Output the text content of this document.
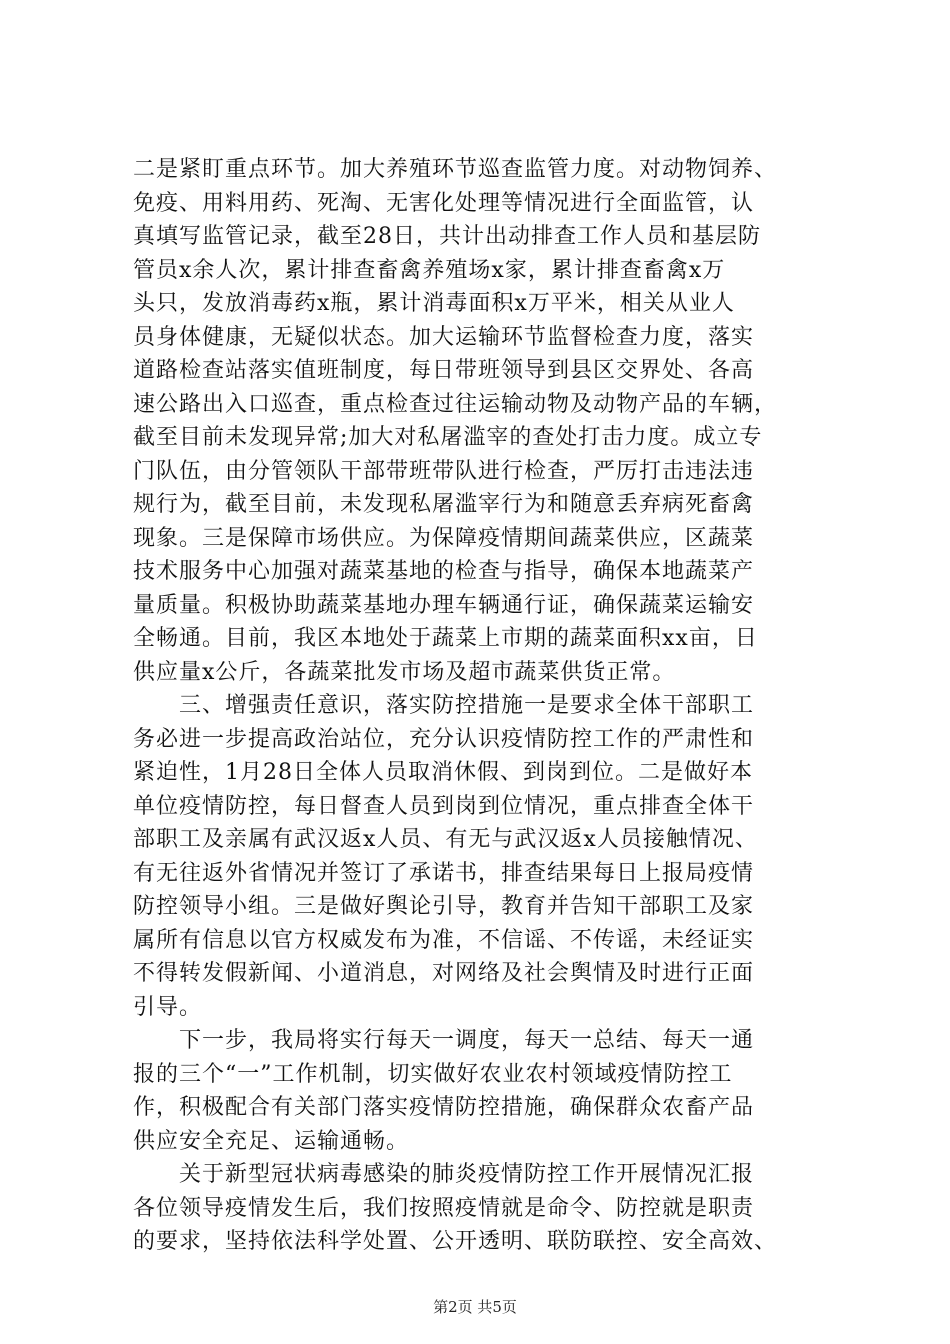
二是紧盯重点环节。加大养殖环节巡查监管力度。对动物饲养、
免疫、用料用药、死淘、无害化处理等情况进行全面监管，认
真填写监管记录，截至28日，共计出动排查工作人员和基层防
管员x余人次，累计排查畜禽养殖场x家，累计排查畜禽x万
头只，发放消毒药x瓶，累计消毒面积x万平米，相关从业人
员身体健康，无疑似状态。加大运输环节监督检查力度，落实
道路检查站落实值班制度，每日带班领导到县区交界处、各高
速公路出入口巡查，重点检查过往运输动物及动物产品的车辆，
截至目前未发现异常;加大对私屠滥宰的查处打击力度。成立专
门队伍，由分管领队干部带班带队进行检查，严厉打击违法违
规行为，截至目前，未发现私屠滥宰行为和随意丢弃病死畜禽
现象。三是保障市场供应。为保障疫情期间蔬菜供应，区蔬菜
技术服务中心加强对蔬菜基地的检查与指导，确保本地蔬菜产
量质量。积极协助蔬菜基地办理车辆通行证，确保蔬菜运输安
全畅通。目前，我区本地处于蔬菜上市期的蔬菜面积xx亩，日
供应量x公斤，各蔬菜批发市场及超市蔬菜供货正常。
三、增强责任意识，落实防控措施一是要求全体干部职工
务必进一步提高政治站位，充分认识疫情防控工作的严肃性和
紧迫性，1月28日全体人员取消休假、到岗到位。二是做好本
单位疫情防控，每日督查人员到岗到位情况，重点排查全体干
部职工及亲属有武汉返x人员、有无与武汉返x人员接触情况、
有无往返外省情况并签订了承诺书，排查结果每日上报局疫情
防控领导小组。三是做好舆论引导，教育并告知干部职工及家
属所有信息以官方权威发布为准，不信谣、不传谣，未经证实
不得转发假新闻、小道消息，对网络及社会舆情及时进行正面
引导。
下一步，我局将实行每天一调度，每天一总结、每天一通
报的三个“一”工作机制，切实做好农业农村领域疫情防控工
作，积极配合有关部门落实疫情防控措施，确保群众农畜产品
供应安全充足、运输通畅。
关于新型冠状病毒感染的肺炎疫情防控工作开展情况汇报
各位领导疫情发生后，我们按照疫情就是命令、防控就是职责
的要求，坚持依法科学处置、公开透明、联防联控、安全高效、
第2页 共5页
